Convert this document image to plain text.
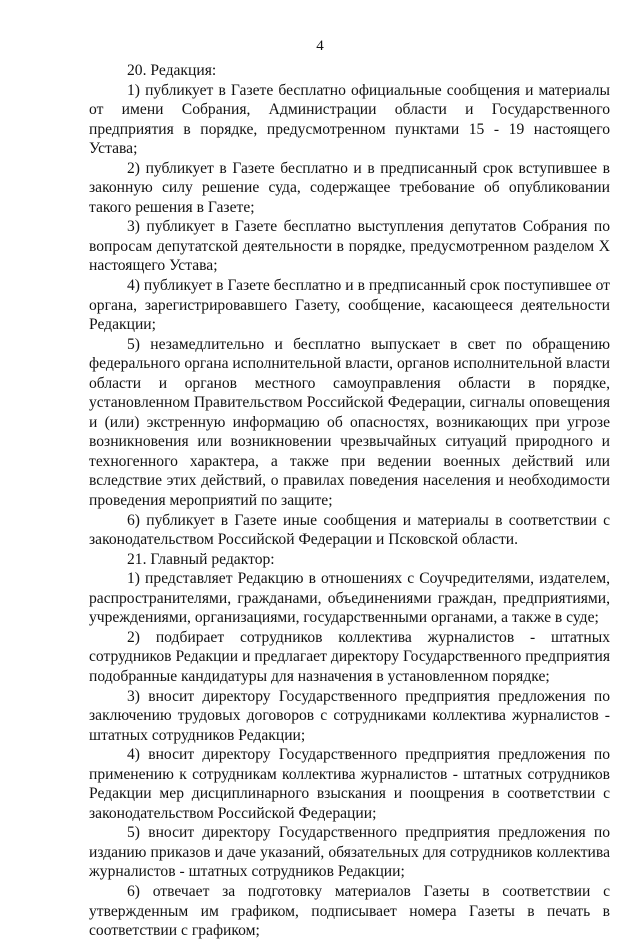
4

20. Редакция:

1) публикует в Газете бесплатно официальные сообщения и материалы от имени Собрания, Администрации области и Государственного предприятия в порядке, предусмотренном пунктами 15 - 19 настоящего Устава;

2) публикует в Газете бесплатно и в предписанный срок вступившее в законную силу решение суда, содержащее требование об опубликовании такого решения в Газете;

3) публикует в Газете бесплатно выступления депутатов Собрания по вопросам депутатской деятельности в порядке, предусмотренном разделом X настоящего Устава;

4) публикует в Газете бесплатно и в предписанный срок поступившее от органа, зарегистрировавшего Газету, сообщение, касающееся деятельности Редакции;

5) незамедлительно и бесплатно выпускает в свет по обращению федерального органа исполнительной власти, органов исполнительной власти области и органов местного самоуправления области в порядке, установленном Правительством Российской Федерации, сигналы оповещения и (или) экстренную информацию об опасностях, возникающих при угрозе возникновения или возникновении чрезвычайных ситуаций природного и техногенного характера, а также при ведении военных действий или вследствие этих действий, о правилах поведения населения и необходимости проведения мероприятий по защите;

6) публикует в Газете иные сообщения и материалы в соответствии с законодательством Российской Федерации и Псковской области.

21. Главный редактор:

1) представляет Редакцию в отношениях с Соучредителями, издателем, распространителями, гражданами, объединениями граждан, предприятиями, учреждениями, организациями, государственными органами, а также в суде;

2) подбирает сотрудников коллектива журналистов - штатных сотрудников Редакции и предлагает директору Государственного предприятия подобранные кандидатуры для назначения в установленном порядке;

3) вносит директору Государственного предприятия предложения по заключению трудовых договоров с сотрудниками коллектива журналистов - штатных сотрудников Редакции;

4) вносит директору Государственного предприятия предложения по применению к сотрудникам коллектива журналистов - штатных сотрудников Редакции мер дисциплинарного взыскания и поощрения в соответствии с законодательством Российской Федерации;

5) вносит директору Государственного предприятия предложения по изданию приказов и даче указаний, обязательных для сотрудников коллектива журналистов - штатных сотрудников Редакции;

6) отвечает за подготовку материалов Газеты в соответствии с утвержденным им графиком, подписывает номера Газеты в печать в соответствии с графиком;
